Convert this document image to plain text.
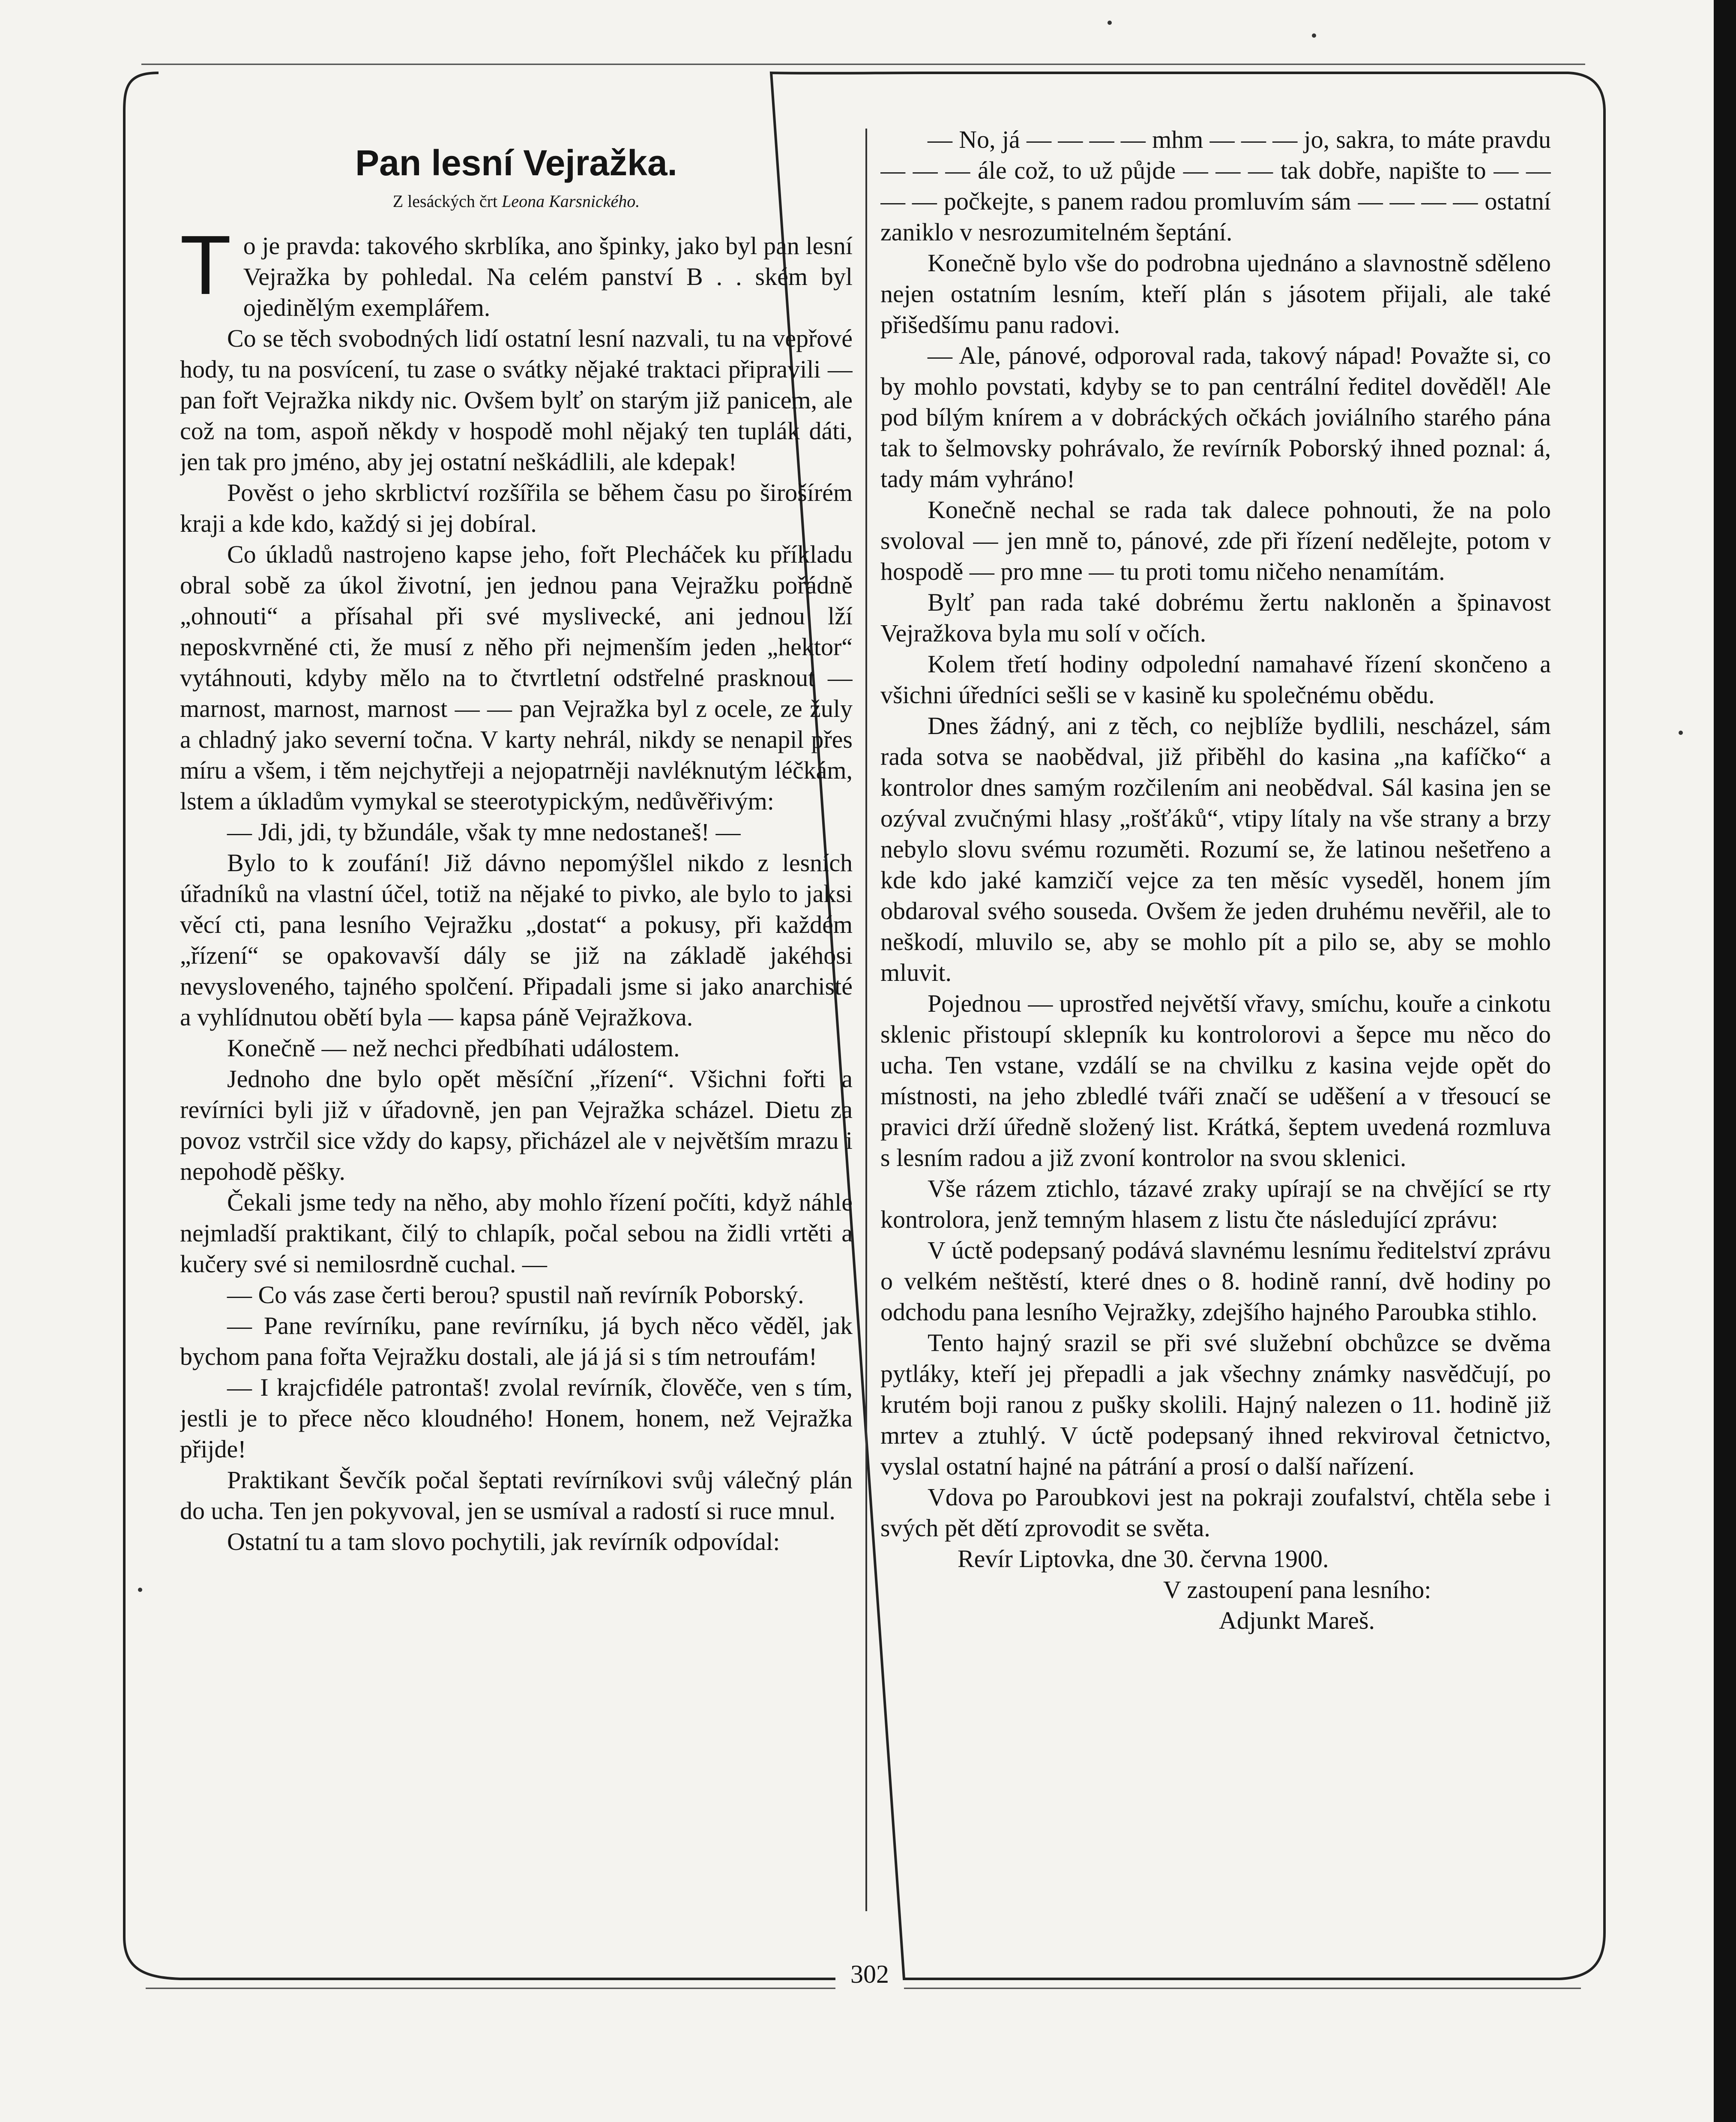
Pan lesní Vejražka.
Z lesáckých črt Leona Karsnického.

To je pravda: takového skrblíka, ano špinky, jako byl pan lesní Vejražka by pohledal. Na celém panství B . . ském byl ojedinělým exemplářem.

Co se těch svobodných lidí ostatní lesní nazvali, tu na vepřové hody, tu na posvícení, tu zase o svátky nějaké traktaci připravili — pan fořt Vejražka nikdy nic. Ovšem bylť on starým již panicem, ale což na tom, aspoň někdy v hospodě mohl nějaký ten tuplák dáti, jen tak pro jméno, aby jej ostatní neškádlili, ale kdepak!

Pověst o jeho skrblictví rozšířila se během času po širošírém kraji a kde kdo, každý si jej dobíral.

Co úkladů nastrojeno kapse jeho, fořt Plecháček ku příkladu obral sobě za úkol životní, jen jednou pana Vejražku pořádně „ohnouti“ a přísahal při své myslivecké, ani jednou lží neposkvrněné cti, že musí z něho při nejmenším jeden „hektor“ vytáhnouti, kdyby mělo na to čtvrtletní odstřelné prasknout — marnost, marnost, marnost — — pan Vejražka byl z ocele, ze žuly a chladný jako severní točna. V karty nehrál, nikdy se nenapil přes míru a všem, i těm nejchytřeji a nejopatrněji navléknutým léčkám, lstem a úkladům vymykal se steerotypickým, nedůvěřivým:

— Jdi, jdi, ty bžundále, však ty mne nedostaneš! —

Bylo to k zoufání! Již dávno nepomýšlel nikdo z lesních úřadníků na vlastní účel, totiž na nějaké to pivko, ale bylo to jaksi věcí cti, pana lesního Vejražku „dostat“ a pokusy, při každém „řízení“ se opakovavší dály se již na základě jakéhosi nevysloveného, tajného spolčení. Připadali jsme si jako anarchisté a vyhlídnutou obětí byla — kapsa páně Vejražkova.

Konečně — než nechci předbíhati událostem.

Jednoho dne bylo opět měsíční „řízení“. Všichni fořti a revírníci byli již v úřadovně, jen pan Vejražka scházel. Dietu za povoz vstrčil sice vždy do kapsy, přicházel ale v největším mrazu i nepohodě pěšky.

Čekali jsme tedy na něho, aby mohlo řízení počíti, když náhle nejmladší praktikant, čilý to chlapík, počal sebou na židli vrtěti a kučery své si nemilosrdně cuchal. —

— Co vás zase čerti berou? spustil naň revírník Poborský.

— Pane revírníku, pane revírníku, já bych něco věděl, jak bychom pana fořta Vejražku dostali, ale já já si s tím netroufám!

— I krajcfidéle patrontaš! zvolal revírník, člověče, ven s tím, jestli je to přece něco kloudného! Honem, honem, než Vejražka přijde!

Praktikant Ševčík počal šeptati revírníkovi svůj válečný plán do ucha. Ten jen pokyvoval, jen se usmíval a radostí si ruce mnul.

Ostatní tu a tam slovo pochytili, jak revírník odpovídal:

— No, já — — — — mhm — — — jo, sakra, to máte pravdu — — — ále což, to už půjde — — — tak dobře, napište to — — — — počkejte, s panem radou promluvím sám — — — — ostatní zaniklo v nesrozumitelném šeptání.

Konečně bylo vše do podrobna ujednáno a slavnostně sděleno nejen ostatním lesním, kteří plán s jásotem přijali, ale také přišedšímu panu radovi.

— Ale, pánové, odporoval rada, takový nápad! Považte si, co by mohlo povstati, kdyby se to pan centrální ředitel dověděl! Ale pod bílým knírem a v dobráckých očkách joviálního starého pána tak to šelmovsky pohrávalo, že revírník Poborský ihned poznal: á, tady mám vyhráno!

Konečně nechal se rada tak dalece pohnouti, že na polo svoloval — jen mně to, pánové, zde při řízení nedělejte, potom v hospodě — pro mne — tu proti tomu ničeho nenamítám.

Bylť pan rada také dobrému žertu nakloněn a špinavost Vejražkova byla mu solí v očích.

Kolem třetí hodiny odpolední namahavé řízení skončeno a všichni úředníci sešli se v kasině ku společnému obědu.

Dnes žádný, ani z těch, co nejblíže bydlili, nescházel, sám rada sotva se naobědval, již přiběhl do kasina „na kafíčko“ a kontrolor dnes samým rozčilením ani neobědval. Sál kasina jen se ozýval zvučnými hlasy „rošťáků“, vtipy lítaly na vše strany a brzy nebylo slovu svému rozuměti. Rozumí se, že latinou nešetřeno a kde kdo jaké kamzičí vejce za ten měsíc vyseděl, honem jím obdaroval svého souseda. Ovšem že jeden druhému nevěřil, ale to neškodí, mluvilo se, aby se mohlo pít a pilo se, aby se mohlo mluvit.

Pojednou — uprostřed největší vřavy, smíchu, kouře a cinkotu sklenic přistoupí sklepník ku kontrolorovi a šepce mu něco do ucha. Ten vstane, vzdálí se na chvilku z kasina vejde opět do místnosti, na jeho zbledlé tváři značí se uděšení a v třesoucí se pravici drží úředně složený list. Krátká, šeptem uvedená rozmluva s lesním radou a již zvoní kontrolor na svou sklenici.

Vše rázem ztichlo, tázavé zraky upírají se na chvějící se rty kontrolora, jenž temným hlasem z listu čte následující zprávu:

V úctě podepsaný podává slavnému lesnímu ředitelství zprávu o velkém neštěstí, které dnes o 8. hodině ranní, dvě hodiny po odchodu pana lesního Vejražky, zdejšího hajného Paroubka stihlo.

Tento hajný srazil se při své služební obchůzce se dvěma pytláky, kteří jej přepadli a jak všechny známky nasvědčují, po krutém boji ranou z pušky skolili. Hajný nalezen o 11. hodině již mrtev a ztuhlý. V úctě podepsaný ihned rekviroval četnictvo, vyslal ostatní hajné na pátrání a prosí o další nařízení.

Vdova po Paroubkovi jest na pokraji zoufalství, chtěla sebe i svých pět dětí zprovodit se světa.

Revír Liptovka, dne 30. června 1900.

V zastoupení pana lesního:

Adjunkt Mareš.

302
